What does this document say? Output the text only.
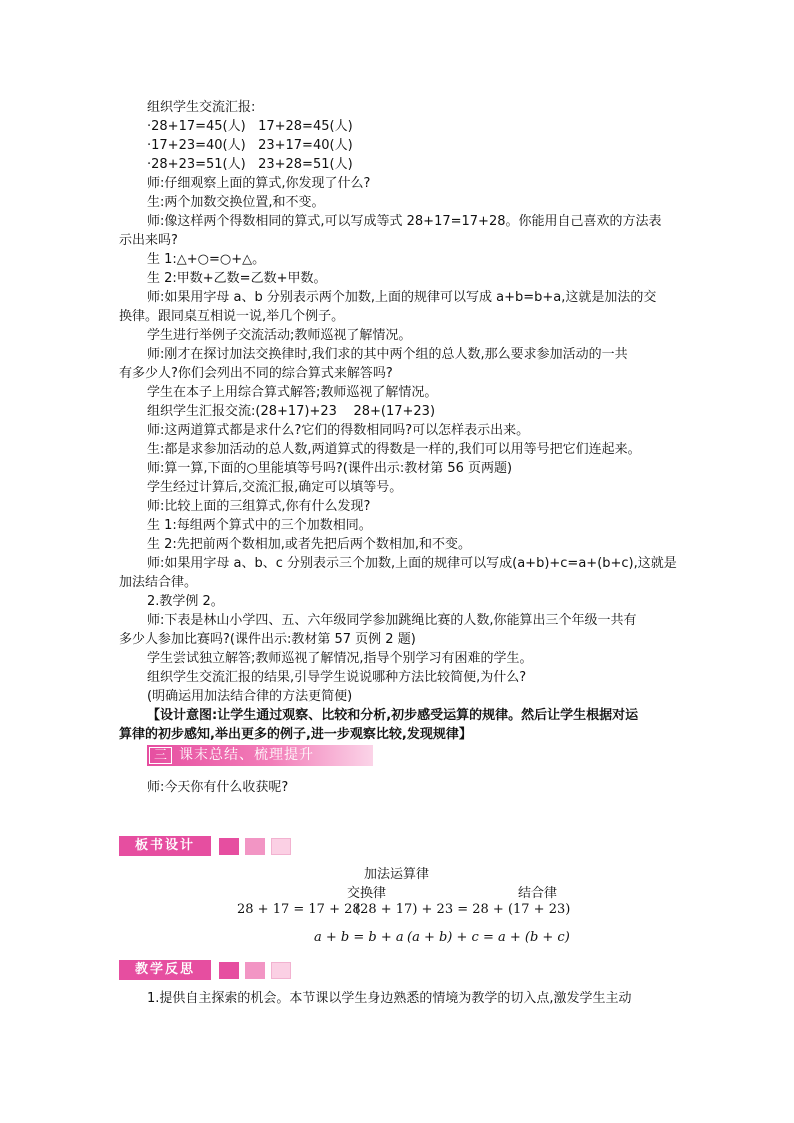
组织学生交流汇报:
·28+17=45(人)   17+28=45(人)
·17+23=40(人)   23+17=40(人)
·28+23=51(人)   23+28=51(人)
师:仔细观察上面的算式,你发现了什么?
生:两个加数交换位置,和不变。
师:像这样两个得数相同的算式,可以写成等式 28+17=17+28。你能用自己喜欢的方法表
示出来吗?
生 1:△+○=○+△。
生 2:甲数+乙数=乙数+甲数。
师:如果用字母 a、b 分别表示两个加数,上面的规律可以写成 a+b=b+a,这就是加法的交
换律。跟同桌互相说一说,举几个例子。
学生进行举例子交流活动;教师巡视了解情况。
师:刚才在探讨加法交换律时,我们求的其中两个组的总人数,那么要求参加活动的一共
有多少人?你们会列出不同的综合算式来解答吗?
学生在本子上用综合算式解答;教师巡视了解情况。
组织学生汇报交流:(28+17)+23    28+(17+23)
师:这两道算式都是求什么?它们的得数相同吗?可以怎样表示出来。
生:都是求参加活动的总人数,两道算式的得数是一样的,我们可以用等号把它们连起来。
师:算一算,下面的○里能填等号吗?(课件出示:教材第 56 页两题)
学生经过计算后,交流汇报,确定可以填等号。
师:比较上面的三组算式,你有什么发现?
生 1:每组两个算式中的三个加数相同。
生 2:先把前两个数相加,或者先把后两个数相加,和不变。
师:如果用字母 a、b、c 分别表示三个加数,上面的规律可以写成(a+b)+c=a+(b+c),这就是
加法结合律。
2.教学例 2。
师:下表是林山小学四、五、六年级同学参加跳绳比赛的人数,你能算出三个年级一共有
多少人参加比赛吗?(课件出示:教材第 57 页例 2 题)
学生尝试独立解答;教师巡视了解情况,指导个别学习有困难的学生。
组织学生交流汇报的结果,引导学生说说哪种方法比较简便,为什么?
(明确运用加法结合律的方法更简便)
【设计意图:让学生通过观察、比较和分析,初步感受运算的规律。然后让学生根据对运
算律的初步感知,举出更多的例子,进一步观察比较,发现规律】
三 课末总结、梳理提升
师:今天你有什么收获呢?
板书设计
加法运算律
交换律	结合律
28 + 17 = 17 + 28
(28 + 17) + 23 = 28 + (17 + 23)
a + b = b + a (a + b) + c = a + (b + c)
教学反思
1.提供自主探索的机会。本节课以学生身边熟悉的情境为教学的切入点,激发学生主动
